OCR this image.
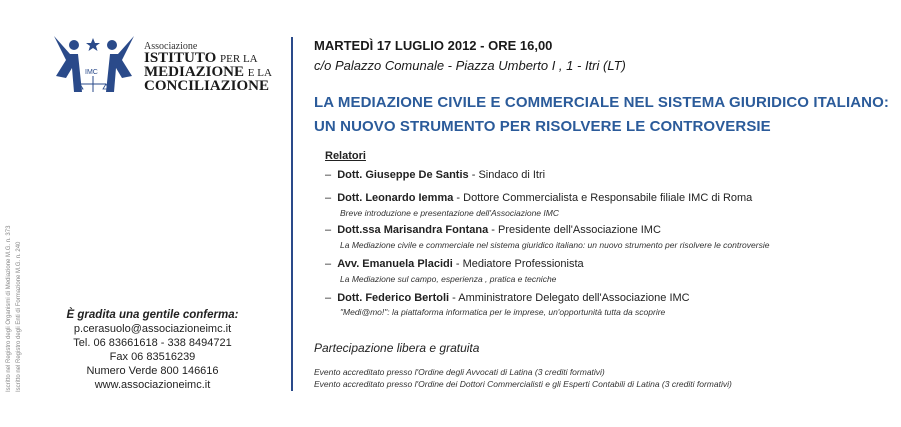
IMC
Associazione
ISTITUTO PER LA
MEDIAZIONE E LA
CONCILIAZIONE
Iscritto nel Registro degli Organismi di Mediazione M.G. n. 373 Iscritto nel Registro degli Enti di Formazione M.G. n. 240	È gradita una gentile conferma:
p.cerasuolo@associazioneimc.it
Tel. 06 83661618 - 338 8494721
Fax 06 83516239
Numero Verde 800 146616
www.associazioneimc.it
MARTEDÌ 17 LUGLIO 2012 - ORE 16,00
c/o Palazzo Comunale - Piazza Umberto I , 1 - Itri (LT)
LA MEDIAZIONE CIVILE E COMMERCIALE NEL SISTEMA GIURIDICO ITALIANO:
UN NUOVO STRUMENTO PER RISOLVERE LE CONTROVERSIE
Relatori
–  Dott. Giuseppe De Santis - Sindaco di Itri
–  Dott. Leonardo Iemma - Dottore Commercialista e Responsabile filiale IMC di Roma
Breve introduzione e presentazione dell'Associazione IMC
–  Dott.ssa Marisandra Fontana - Presidente dell'Associazione IMC
La Mediazione civile e commerciale nel sistema giuridico italiano: un nuovo strumento per risolvere le controversie
–  Avv. Emanuela Placidi - Mediatore Professionista
La Mediazione sul campo, esperienza , pratica e tecniche
–  Dott. Federico Bertoli - Amministratore Delegato dell'Associazione IMC
"Medi@mo!": la piattaforma informatica per le imprese, un'opportunità tutta da scoprire
Partecipazione libera e gratuita
Evento accreditato presso l'Ordine degli Avvocati di Latina (3 crediti formativi)
Evento accreditato presso l'Ordine dei Dottori Commercialisti e gli Esperti Contabili di Latina (3 crediti formativi)
